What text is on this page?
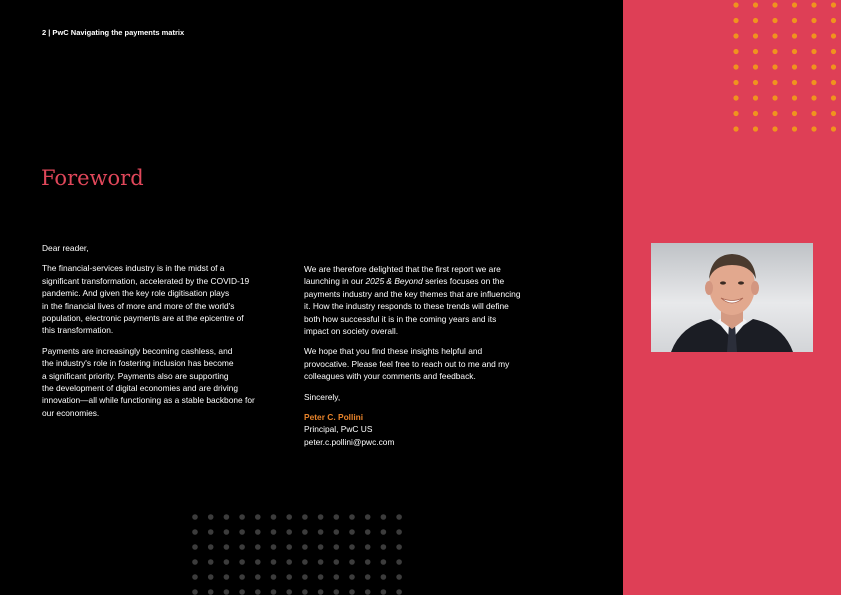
2 | PwC Navigating the payments matrix
Foreword

Dear reader,

The financial-services industry is in the midst of a
significant transformation, accelerated by the COVID-19
pandemic. And given the key role digitisation plays
in the financial lives of more and more of the world's
population, electronic payments are at the epicentre of
this transformation.

Payments are increasingly becoming cashless, and
the industry's role in fostering inclusion has become
a significant priority. Payments also are supporting
the development of digital economies and are driving
innovation—all while functioning as a stable backbone for
our economies.

We are therefore delighted that the first report we are
launching in our 2025 & Beyond series focuses on the
payments industry and the key themes that are influencing
it. How the industry responds to these trends will define
both how successful it is in the coming years and its
impact on society overall.

We hope that you find these insights helpful and
provocative. Please feel free to reach out to me and my
colleagues with your comments and feedback.

Sincerely,

Peter C. Pollini
Principal, PwC US
peter.c.pollini@pwc.com
